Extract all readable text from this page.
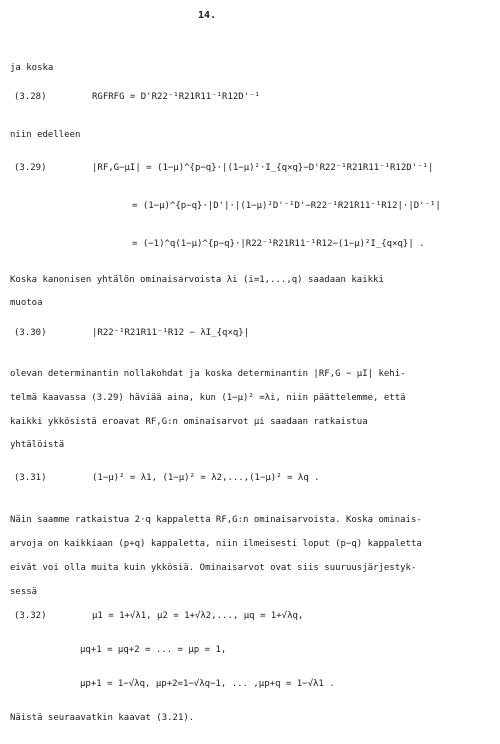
14.
ja koska
(3.28)	RGFRFG = D'R22⁻¹R21R11⁻¹R12D'⁻¹
niin edelleen
(3.29)	|RF,G−μI| = (1−μ)^{p−q}·|(1−μ)²·I_{q×q}−D'R22⁻¹R21R11⁻¹R12D'⁻¹|
= (1−μ)^{p−q}·|D'|·|(1−μ)²D'⁻¹D'−R22⁻¹R21R11⁻¹R12|·|D'⁻¹|
= (−1)^q(1−μ)^{p−q}·|R22⁻¹R21R11⁻¹R12−(1−μ)²I_{q×q}| .
Koska kanonisen yhtälön ominaisarvoista λi (i=1,...,q) saadaan kaikki
muotoa
(3.30)	|R22⁻¹R21R11⁻¹R12 − λI_{q×q}|
olevan determinantin nollakohdat ja koska determinantin |RF,G − μI| kehi-
telmä kaavassa (3.29) häviää aina, kun (1−μ)² =λi, niin päättelemme, että
kaikki ykkösistä eroavat RF,G:n ominaisarvot μi saadaan ratkaistua
yhtälöistä
(3.31)	(1−μ)² = λ1, (1−μ)² = λ2,...,(1−μ)² = λq .
Näin saamme ratkaistua 2·q kappaletta RF,G:n ominaisarvoista. Koska ominais-
arvoja on kaikkiaan (p+q) kappaletta, niin ilmeisesti loput (p−q) kappaletta
eivät voi olla muita kuin ykkösiä. Ominaisarvot ovat siis suuruusjärjestyk-
sessä
(3.32)	μ1 = 1+√λ1, μ2 = 1+√λ2,..., μq = 1+√λq,
μq+1 = μq+2 = ... = μp = 1,
μp+1 = 1−√λq, μp+2=1−√λq−1, ... ,μp+q = 1−√λ1 .
Näistä seuraavatkin kaavat (3.21).
